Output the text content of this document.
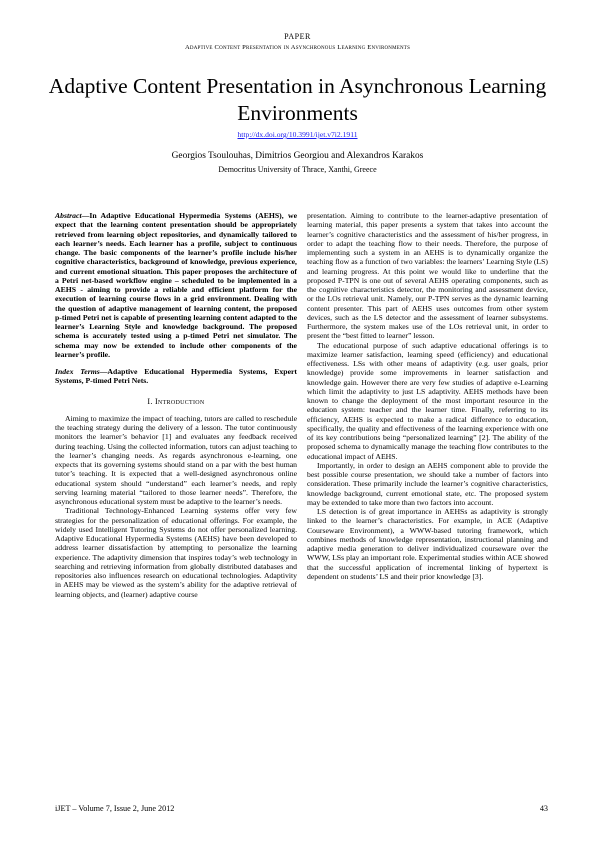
PAPER
Adaptive Content Presentation in Asynchronous Learning Environments
Adaptive Content Presentation in Asynchronous Learning Environments
http://dx.doi.org/10.3991/ijet.v7i2.1911
Georgios Tsoulouhas, Dimitrios Georgiou and Alexandros Karakos
Democritus University of Thrace, Xanthi, Greece

Abstract—In Adaptive Educational Hypermedia Systems (AEHS), we expect that the learning content presentation should be appropriately retrieved from learning object repositories, and dynamically tailored to each learner’s needs. Each learner has a profile, subject to continuous change. The basic components of the learner’s profile include his/her cognitive characteristics, background of knowledge, previous experience, and current emotional situation. This paper proposes the architecture of a Petri net-based workflow engine – scheduled to be implemented in a AEHS - aiming to provide a reliable and efficient platform for the execution of learning course flows in a grid environment. Dealing with the question of adaptive management of learning content, the proposed p-timed Petri net is capable of presenting learning content adapted to the learner’s Learning Style and knowledge background. The proposed schema is accurately tested using a p-timed Petri net simulator. The schema may now be extended to include other components of the learner’s profile.

Index Terms—Adaptive Educational Hypermedia Systems, Expert Systems, P-timed Petri Nets.

I. Introduction

Aiming to maximize the impact of teaching, tutors are called to reschedule the teaching strategy during the delivery of a lesson. The tutor continuously monitors the learner’s behavior [1] and evaluates any feedback received during teaching. Using the collected information, tutors can adjust teaching to the learner’s changing needs. As regards asynchronous e-learning, one expects that its governing systems should stand on a par with the best human tutor’s teaching. It is expected that a well-designed asynchronous online educational system should “understand” each learner’s needs, and reply serving learning material “tailored to those learner needs”. Therefore, the asynchronous educational system must be adaptive to the learner’s needs.

Traditional Technology-Enhanced Learning systems offer very few strategies for the personalization of educational offerings. For example, the widely used Intelligent Tutoring Systems do not offer personalized learning. Adaptive Educational Hypermedia Systems (AEHS) have been developed to address learner dissatisfaction by attempting to personalize the learning experience. The adaptivity dimension that inspires today’s web technology in searching and retrieving information from globally distributed databases and repositories also influences research on educational technologies. Adaptivity in AEHS may be viewed as the system’s ability for the adaptive retrieval of learning objects, and (learner) adaptive course

presentation. Aiming to contribute to the learner-adaptive presentation of learning material, this paper presents a system that takes into account the learner’s cognitive characteristics and the assessment of his/her progress, in order to adapt the teaching flow to their needs. Therefore, the purpose of implementing such a system in an AEHS is to dynamically organize the teaching flow as a function of two variables: the learners’ Learning Style (LS) and learning progress. At this point we would like to underline that the proposed P-TPN is one out of several AEHS operating components, such as the cognitive characteristics detector, the monitoring and assessment device, or the LOs retrieval unit. Namely, our P-TPN serves as the dynamic learning content presenter. This part of AEHS uses outcomes from other system devices, such as the LS detector and the assessment of learner subsystems. Furthermore, the system makes use of the LOs retrieval unit, in order to present the “best fitted to learner” lesson.

The educational purpose of such adaptive educational offerings is to maximize learner satisfaction, learning speed (efficiency) and educational effectiveness. LSs with other means of adaptivity (e.g. user goals, prior knowledge) provide some improvements in learner satisfaction and knowledge gain. However there are very few studies of adaptive e-Learning which limit the adaptivity to just LS adaptivity. AEHS methods have been known to change the deployment of the most important resource in the education system: teacher and the learner time. Finally, referring to its efficiency, AEHS is expected to make a radical difference to education, specifically, the quality and effectiveness of the learning experience with one of its key contributions being “personalized learning” [2]. The ability of the proposed schema to dynamically manage the teaching flow contributes to the educational impact of AEHS.

Importantly, in order to design an AEHS component able to provide the best possible course presentation, we should take a number of factors into consideration. These primarily include the learner’s cognitive characteristics, knowledge background, current emotional state, etc. The proposed system may be extended to take more than two factors into account.

LS detection is of great importance in AEHSs as adaptivity is strongly linked to the learner’s characteristics. For example, in ACE (Adaptive Courseware Environment), a WWW-based tutoring framework, which combines methods of knowledge representation, instructional planning and adaptive media generation to deliver individualized courseware over the WWW, LSs play an important role. Experimental studies within ACE showed that the successful application of incremental linking of hypertext is dependent on students’ LS and their prior knowledge [3].

iJET – Volume 7, Issue 2, June 2012	43
